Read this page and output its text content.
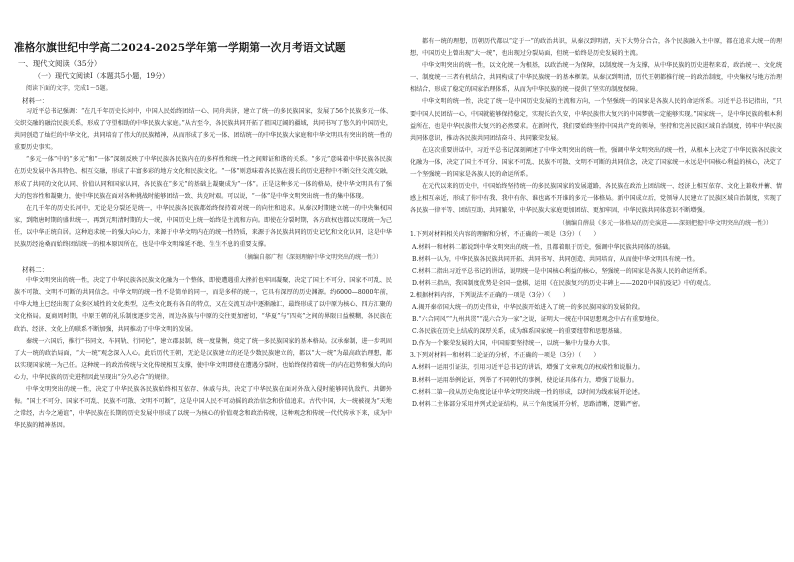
准格尔旗世纪中学高二2024-2025学年第一学期第一次月考语文试题
一、现代文阅读（35分）
（一）现代文阅读Ⅰ（本题共5小题，19分）
阅读下面的文字，完成1～5题。
材料一：

习近平总书记强调：“在几千年历史长河中，中国人民始终团结一心、同舟共济，建立了统一的多民族国家，发展了56个民族多元一体、交织交融的融洽民族关系，形成了守望相助的中华民族大家庭。”从古至今，各民族共同开拓了祖国辽阔的疆域，共同书写了悠久的中国历史，共同创造了灿烂的中华文化，共同培育了伟大的民族精神，从而形成了多元一体、团结统一的中华民族大家庭和中华文明具有突出的统一性的重要历史事实。

“多元一体”中的“多元”和“一体”深刻反映了中华民族各民族内在的多样性和统一性之间辩证和谐的关系。“多元”意味着中华民族各民族在历史发展中各具特色、相互交融，形成了丰富多彩的地方文化和民族文化。“一体”则意味着各民族在漫长的历史进程中不断交往交流交融，形成了共同的文化认同、价值认同和国家认同，各民族在“多元”的基础上凝聚成为“一体”。正是这种多元一体的格局，使中华文明具有了强大的包容性和凝聚力，使中华民族在面对各种挑战时能够团结一致、共克时艰。可以说，“一体”是中华文明突出统一性的集中体现。

在几千年的历史长河中，无论是分裂还是统一，中华民族各民族都始终保持着对统一的向往和追求。从秦汉时期建立统一的中央集权国家，到隋唐时期的盛世统一，再到元明清时期的大一统，中国历史上统一始终是主流和方向。即使在分裂时期，各方政权也都以实现统一为己任，以中华正统自居。这种追求统一的强大向心力，来源于中华文明内在的统一性特质，来源于各民族共同的历史记忆和文化认同，这是中华民族历经沧桑而始终团结统一的根本原因所在，也是中华文明绵延不绝、生生不息的重要支撑。

（摘编自郝广程《深刻理解中华文明突出的统一性》）
材料二：

中华文明突出的统一性，决定了中华民族各民族文化融为一个整体，即使遭遇重大挫折也牢固凝聚，决定了国土不可分、国家不可乱、民族不可散、文明不可断的共同信念。中华文明的统一性不是简单的同一，而是多样的统一，它具有深厚的历史渊源。约6000—8000年前，中华大地上已经出现了众多区域性的文化类型，这些文化既有各自的特点，又在交流互动中逐渐融汇，最终形成了以中原为核心、四方汇聚的文化格局。夏商周时期，中原王朝的礼乐制度逐步完善，周边各族与中原的交往更加密切，“华夏”与“四夷”之间的界限日益模糊，各民族在政治、经济、文化上的联系不断加强，共同推动了中华文明的发展。

秦统一六国后，推行“书同文、车同轨、行同伦”，建立郡县制，统一度量衡，奠定了统一多民族国家的基本格局。汉承秦制，进一步巩固了大一统的政治局面，“大一统”观念深入人心。此后历代王朝，无论是汉族建立的还是少数民族建立的，都以“大一统”为最高政治理想，都以实现国家统一为己任。这种统一的政治传统与文化传统相互支撑，使中华文明即使在遭遇分裂时，也始终保持着统一的内在趋势和强大的向心力，中华民族的历史进程因此呈现出“分久必合”的规律。

中华文明突出的统一性，决定了中华民族各民族始终相互依存、休戚与共，决定了中华民族在面对外敌入侵时能够同仇敌忾、共御外侮。“国土不可分、国家不可乱、民族不可散、文明不可断”，这是中国人民不可动摇的政治信念和价值追求。古代中国，大一统被视为“天地之常经，古今之通谊”，中华民族在长期的历史发展中形成了以统一为核心的价值观念和政治传统，这种观念和传统一代代传承下来，成为中华民族的精神基因。

都有一统的理想，历朝历代都以“定于一”的政治共识，从秦汉到明清，天下大势分合合，各个民族融入主中原，都在追求大统一的理想，中国历史上曾出现“大一统”，也出现过分裂局面，但统一始终是历史发展的主流。

中华文明突出的统一性，以文化统一为根基，以政治统一为保障，以制度统一为支撑，从中华民族的历史进程来看，政治统一、文化统一、制度统一三者有机结合，共同构成了中华民族统一的基本框架。从秦汉到明清，历代王朝都推行统一的政治制度，中央集权与地方治理相结合，形成了稳定的国家治理体系，从而为中华民族的统一提供了坚实的制度保障。

中华文明的统一性，决定了统一是中国历史发展的主流和方向，一个坚强统一的国家是各族人民的命运所系。习近平总书记指出，“只要中国人民团结一心，中国就能够保持稳定，实现长治久安，中华民族伟大复兴的中国梦就一定能够实现。”国家统一，是中华民族的根本利益所在，也是中华民族伟大复兴的必然要求。在新时代，我们要始终坚持中国共产党的领导，坚持和完善民族区域自治制度，铸牢中华民族共同体意识，推动各民族共同团结奋斗、共同繁荣发展。

在这次重要讲话中，习近平总书记深刻阐述了中华文明突出的统一性，强调中华文明突出的统一性，从根本上决定了中华民族各民族文化融为一体，决定了国土不可分、国家不可乱、民族不可散、文明不可断的共同信念，决定了国家统一永远是中国核心利益的核心，决定了一个坚强统一的国家是各族人民的命运所系。

在元代以来的历史中，中国始终坚持统一的多民族国家的发展道路，各民族在政治上团结统一、经济上相互依存、文化上兼收并蓄、情感上相互亲近，形成了你中有我、我中有你、谁也离不开谁的多元一体格局。新中国成立后，党领导人民建立了民族区域自治制度，实现了各民族一律平等、团结互助、共同繁荣，中华民族大家庭更加团结、更加牢固，中华民族共同体意识不断增强。

（摘编自薛晨《多元一体格局的历史演进——深刻把握中华文明突出的统一性》）

1.下列对材料相关内容的理解和分析，不正确的一项是（3分）（　　）

A.材料一和材料二都说到中华文明突出的统一性，且都着眼于历史，强调中华民族共同体的基础。

B.材料一认为，中华民族各民族共同开拓、共同书写、共同创造、共同培育，从而使中华文明具有统一性。

C.材料二指出习近平总书记的讲话，说明统一是中国核心利益的核心，坚强统一的国家是各族人民的命运所系。

D.材料三指出，我国制度优势是全国一盘棋，运用《在民族复兴的历史丰碑上——2020中国抗疫记》中的观点。

2.根据材料内容，下列说法不正确的一项是（3分）（　　）

A.揭开秦帝国大统一的历史伟业，中华民族开始进入了统一的多民族国家的发展阶段。

B.“六合同风”“九州共贯”“混六合为一家”之说，证明大一统在中国思想观念中占有重要地位。

C.各民族在历史上结成的深厚关系，成为维系国家统一的重要纽带和思想基础。

D.作为一个繁荣发展的大国，中国需要坚持统一，以统一集中力量办大事。

3.下列对材料一和材料二论证的分析，不正确的一项是（3分）（　　）

A.材料一运用引证法，引用习近平总书记的讲话，增强了文章观点的权威性和说服力。

B.材料一运用举例论证，列举了不同朝代的事例，使论证具体有力，增强了说服力。

C.材料二第一段从历史角度论证中华文明突出统一性的形成，以时间为线索展开论述。

D.材料二主体部分采用并列式论证结构，从三个角度展开分析，思路清晰，逻辑严密。
